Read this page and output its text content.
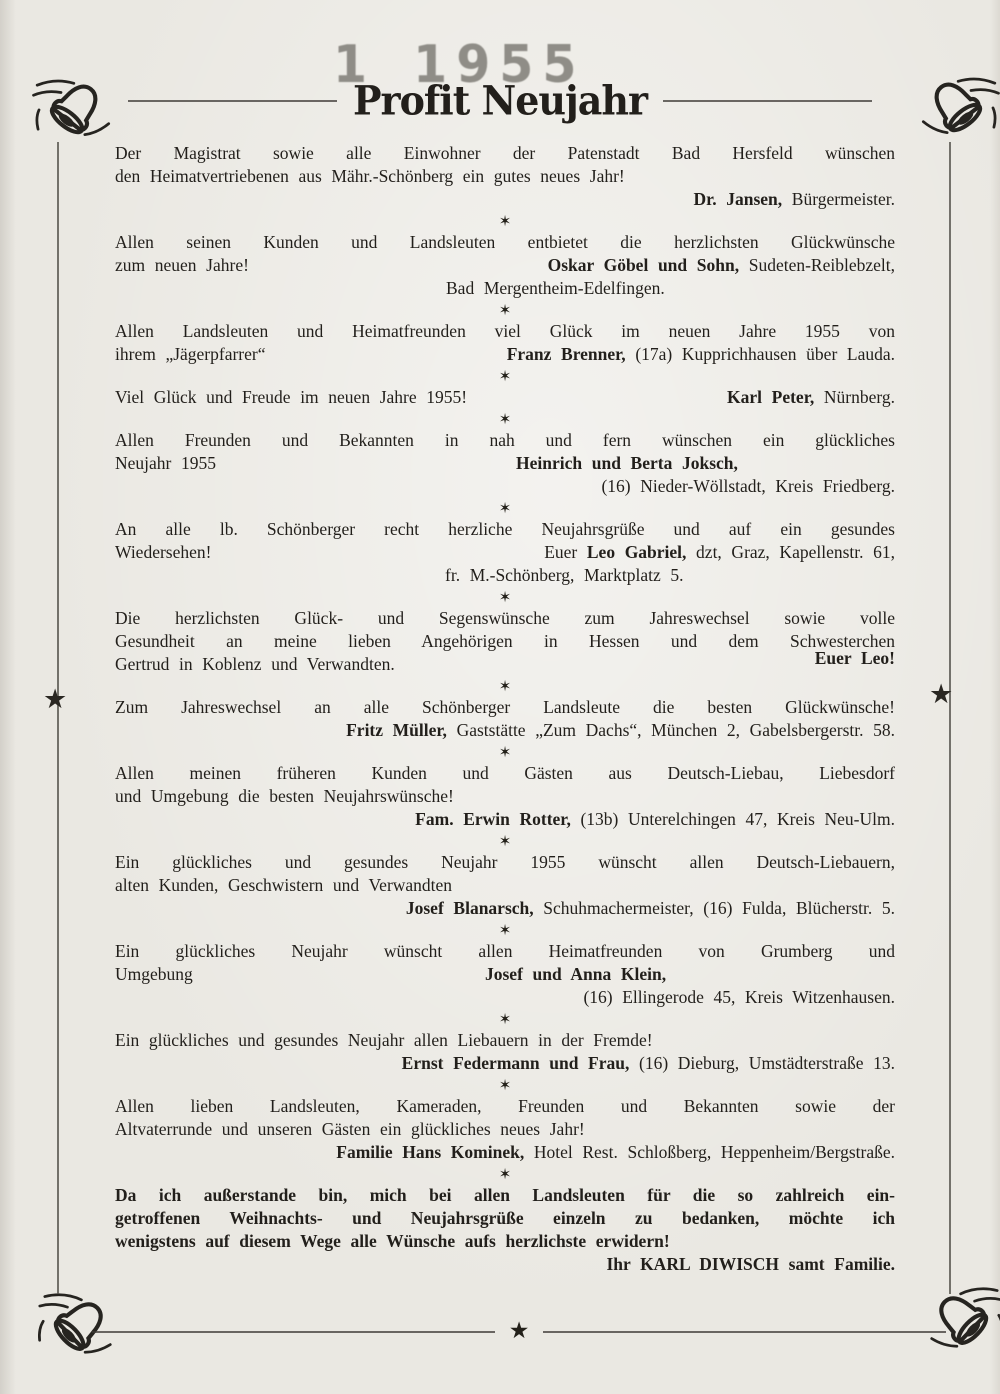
1 1955
★	★
Profit Neujahr
Der Magistrat sowie alle Einwohner der Patenstadt Bad Hersfeld wünschen
den Heimatvertriebenen aus Mähr.-Schönberg ein gutes neues Jahr!
Dr. Jansen, Bürgermeister.
✶
Allen seinen Kunden und Landsleuten entbietet die herzlichsten Glückwünsche
zum neuen Jahre!	Oskar Göbel und Sohn, Sudeten-Reiblebzelt,
Bad Mergentheim-Edelfingen.
✶
Allen Landsleuten und Heimatfreunden viel Glück im neuen Jahre 1955 von
ihrem „Jägerpfarrer“	Franz Brenner, (17a) Kupprichhausen über Lauda.
✶
Viel Glück und Freude im neuen Jahre 1955!	Karl Peter, Nürnberg.
✶
Allen Freunden und Bekannten in nah und fern wünschen ein glückliches
Neujahr 1955	Heinrich und Berta Joksch,
(16) Nieder-Wöllstadt, Kreis Friedberg.
✶
An alle lb. Schönberger recht herzliche Neujahrsgrüße und auf ein gesundes
Wiedersehen!	Euer Leo Gabriel, dzt, Graz, Kapellenstr. 61,
fr. M.-Schönberg, Marktplatz 5.
✶
Die herzlichsten Glück- und Segenswünsche zum Jahreswechsel sowie volle
Gesundheit an meine lieben Angehörigen in Hessen und dem Schwesterchen
Gertrud in Koblenz und Verwandten.	Euer Leo!
✶
Zum Jahreswechsel an alle Schönberger Landsleute die besten Glückwünsche!
Fritz Müller, Gaststätte „Zum Dachs“, München 2, Gabelsbergerstr. 58.
✶
Allen meinen früheren Kunden und Gästen aus Deutsch-Liebau, Liebesdorf
und Umgebung die besten Neujahrswünsche!
Fam. Erwin Rotter, (13b) Unterelchingen 47, Kreis Neu-Ulm.
✶
Ein glückliches und gesundes Neujahr 1955 wünscht allen Deutsch-Liebauern,
alten Kunden, Geschwistern und Verwandten
Josef Blanarsch, Schuhmachermeister, (16) Fulda, Blücherstr. 5.
✶
Ein glückliches Neujahr wünscht allen Heimatfreunden von Grumberg und
Umgebung	Josef und Anna Klein,
(16) Ellingerode 45, Kreis Witzenhausen.
✶
Ein glückliches und gesundes Neujahr allen Liebauern in der Fremde!
Ernst Federmann und Frau, (16) Dieburg, Umstädterstraße 13.
✶
Allen lieben Landsleuten, Kameraden, Freunden und Bekannten sowie der
Altvaterrunde und unseren Gästen ein glückliches neues Jahr!
Familie Hans Kominek, Hotel Rest. Schloßberg, Heppenheim/Bergstraße.
✶
Da ich außerstande bin, mich bei allen Landsleuten für die so zahlreich ein-
getroffenen Weihnachts- und Neujahrsgrüße einzeln zu bedanken, möchte ich
wenigstens auf diesem Wege alle Wünsche aufs herzlichste erwidern!
Ihr KARL DIWISCH samt Familie.
★
